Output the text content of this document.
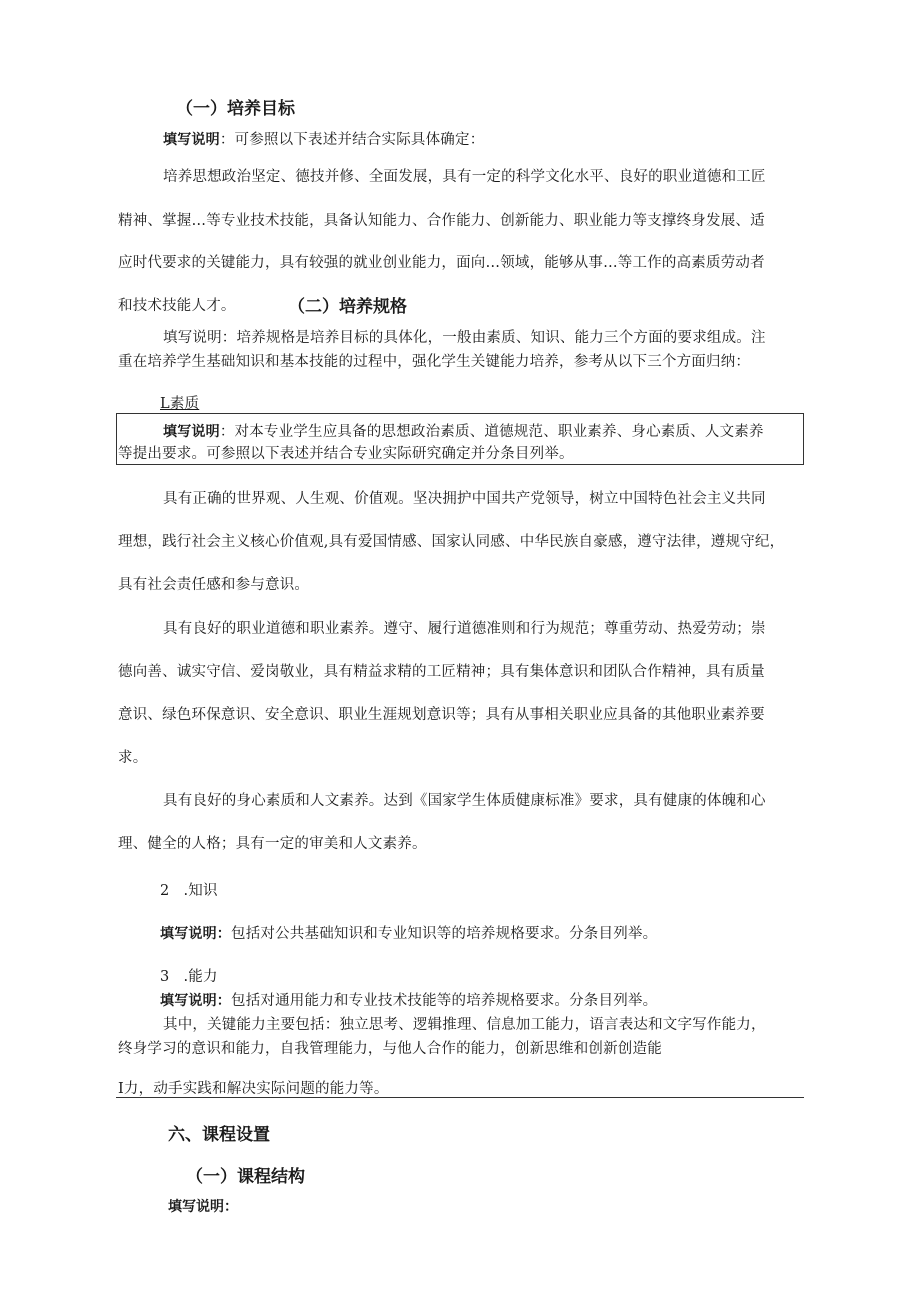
（一）培养目标
填写说明：可参照以下表述并结合实际具体确定：
培养思想政治坚定、德技并修、全面发展，具有一定的科学文化水平、良好的职业道德和工匠
精神、掌握…等专业技术技能，具备认知能力、合作能力、创新能力、职业能力等支撑终身发展、适
应时代要求的关键能力，具有较强的就业创业能力，面向…领域，能够从事…等工作的高素质劳动者
和技术技能人才。	（二）培养规格
填写说明：培养规格是培养目标的具体化，一般由素质、知识、能力三个方面的要求组成。注
重在培养学生基础知识和基本技能的过程中，强化学生关键能力培养，参考从以下三个方面归纳：
L素质
填写说明：对本专业学生应具备的思想政治素质、道德规范、职业素养、身心素质、人文素养
等提出要求。可参照以下表述并结合专业实际研究确定并分条目列举。
具有正确的世界观、人生观、价值观。坚决拥护中国共产党领导，树立中国特色社会主义共同
理想，践行社会主义核心价值观,具有爱国情感、国家认同感、中华民族自豪感，遵守法律，遵规守纪，
具有社会责任感和参与意识。
具有良好的职业道德和职业素养。遵守、履行道德准则和行为规范；尊重劳动、热爱劳动；崇
德向善、诚实守信、爱岗敬业，具有精益求精的工匠精神；具有集体意识和团队合作精神，具有质量
意识、绿色环保意识、安全意识、职业生涯规划意识等；具有从事相关职业应具备的其他职业素养要
求。
具有良好的身心素质和人文素养。达到《国家学生体质健康标准》要求，具有健康的体魄和心
理、健全的人格；具有一定的审美和人文素养。
2 .知识
填写说明：包括对公共基础知识和专业知识等的培养规格要求。分条目列举。
3 .能力
填写说明：包括对通用能力和专业技术技能等的培养规格要求。分条目列举。
其中，关键能力主要包括：独立思考、逻辑推理、信息加工能力，语言表达和文字写作能力，
终身学习的意识和能力，自我管理能力，与他人合作的能力，创新思维和创新创造能
I力，动手实践和解决实际问题的能力等。
六、课程设置
（一）课程结构
填写说明：
